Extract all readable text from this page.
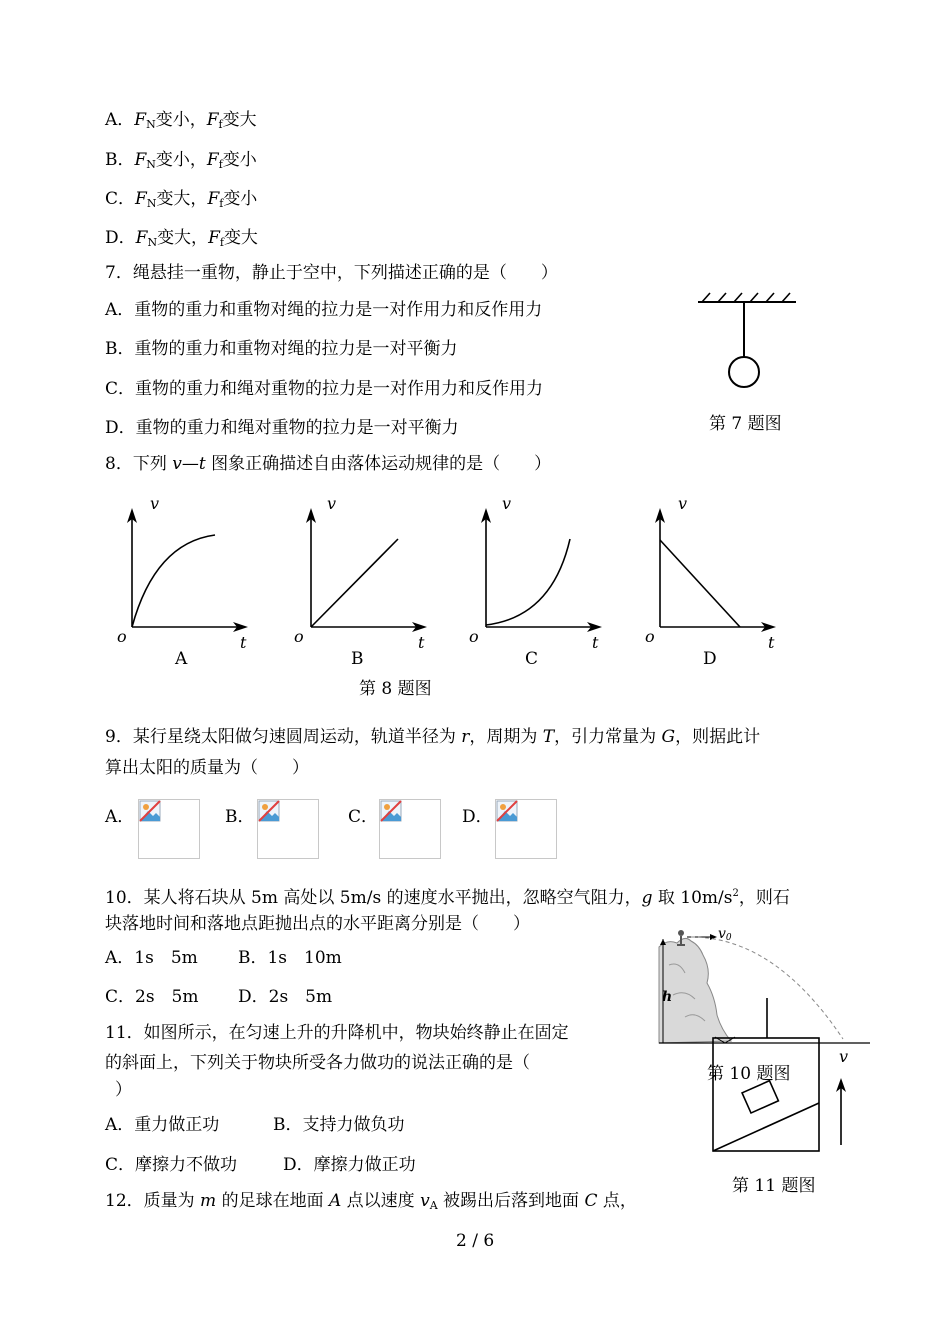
A．$F_N$变小，$F_f$变大
B．$F_N$变小，$F_f$变小
C．$F_N$变大，$F_f$变小
D．$F_N$变大，$F_f$变大
7．绳悬挂一重物，静止于空中，下列描述正确的是（　　）
A．重物的重力和重物对绳的拉力是一对作用力和反作用力
B．重物的重力和重物对绳的拉力是一对平衡力
C．重物的重力和绳对重物的拉力是一对作用力和反作用力
D．重物的重力和绳对重物的拉力是一对平衡力	第 7 题图
8．下列 v—t 图象正确描述自由落体运动规律的是（　　）
v
t
o
A
v
t
o
B
v
t
o
C
v
t
o
D
第 8 题图
9．某行星绕太阳做匀速圆周运动，轨道半径为 r，周期为 T，引力常量为 G，则据此计
算出太阳的质量为（　　）
A．	B．	C．	D．
10．某人将石块从 5m 高处以 5m/s 的速度水平抛出，忽略空气阻力，g 取 $10m/s^2$，则石
块落地时间和落地点距抛出点的水平距离分别是（　　）
A．1s　5m B．1s　10m
C．2s　5m D．2s　5m
v0
h
第 10 题图
11．如图所示，在匀速上升的升降机中，物块始终静止在固定
的斜面上，下列关于物块所受各力做功的说法正确的是（
）
A．重力做正功	B．支持力做负功
C．摩擦力不做功	D．摩擦力做正功
v
第 11 题图
12．质量为 m 的足球在地面 A 点以速度 $v_A$ 被踢出后落到地面 C 点，
2 / 6
